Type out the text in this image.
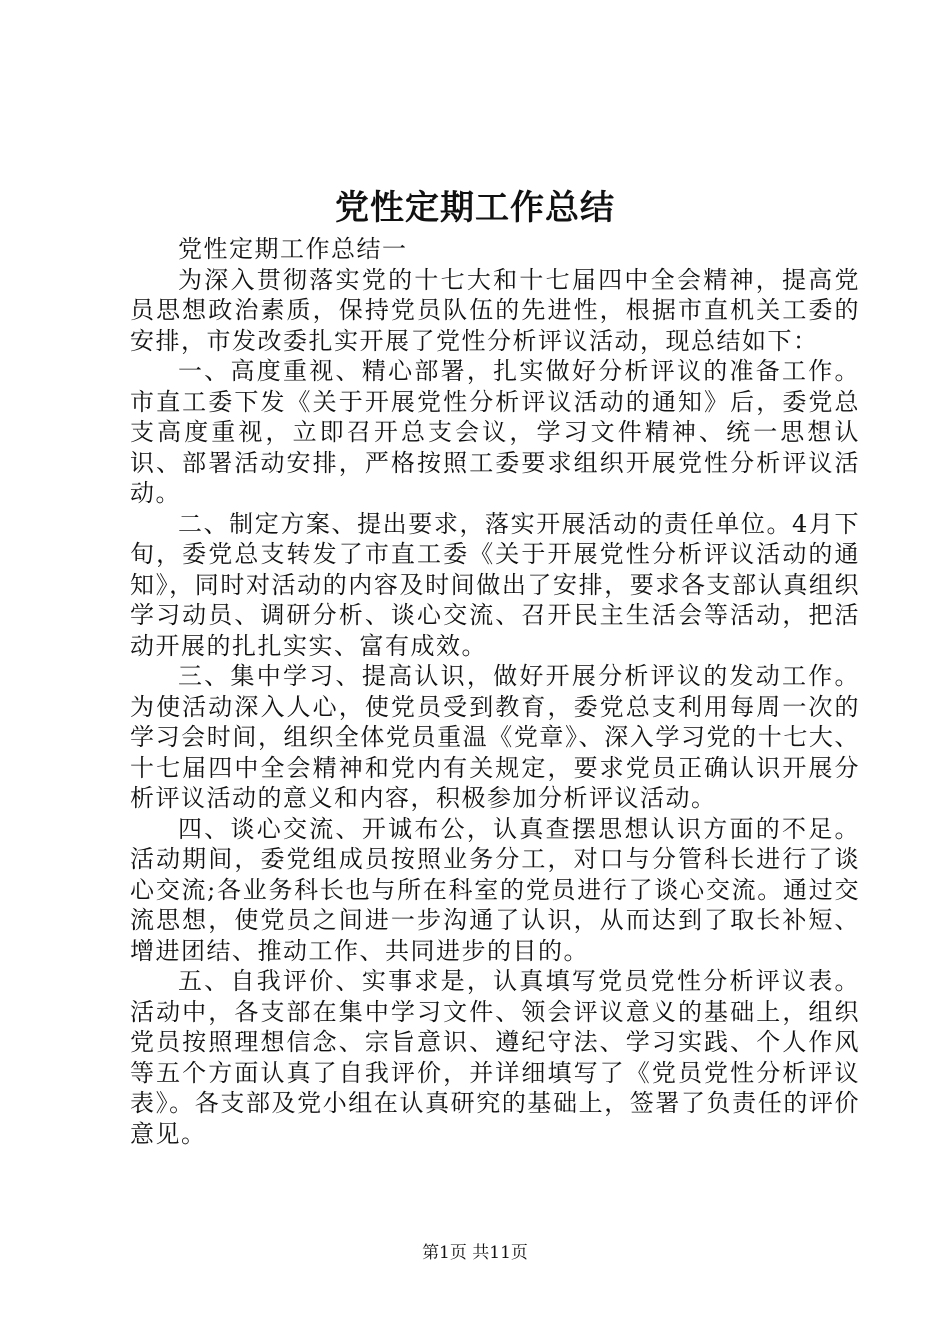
党性定期工作总结

党性定期工作总结一

为深入贯彻落实党的十七大和十七届四中全会精神，提高党员思想政治素质，保持党员队伍的先进性，根据市直机关工委的安排，市发改委扎实开展了党性分析评议活动，现总结如下：

一、高度重视、精心部署，扎实做好分析评议的准备工作。市直工委下发《关于开展党性分析评议活动的通知》后，委党总支高度重视，立即召开总支会议，学习文件精神、统一思想认识、部署活动安排，严格按照工委要求组织开展党性分析评议活动。

二、制定方案、提出要求，落实开展活动的责任单位。4月下旬，委党总支转发了市直工委《关于开展党性分析评议活动的通知》，同时对活动的内容及时间做出了安排，要求各支部认真组织学习动员、调研分析、谈心交流、召开民主生活会等活动，把活动开展的扎扎实实、富有成效。

三、集中学习、提高认识，做好开展分析评议的发动工作。为使活动深入人心，使党员受到教育，委党总支利用每周一次的学习会时间，组织全体党员重温《党章》、深入学习党的十七大、十七届四中全会精神和党内有关规定，要求党员正确认识开展分析评议活动的意义和内容，积极参加分析评议活动。

四、谈心交流、开诚布公，认真查摆思想认识方面的不足。活动期间，委党组成员按照业务分工，对口与分管科长进行了谈心交流;各业务科长也与所在科室的党员进行了谈心交流。通过交流思想，使党员之间进一步沟通了认识，从而达到了取长补短、增进团结、推动工作、共同进步的目的。

五、自我评价、实事求是，认真填写党员党性分析评议表。活动中，各支部在集中学习文件、领会评议意义的基础上，组织党员按照理想信念、宗旨意识、遵纪守法、学习实践、个人作风等五个方面认真了自我评价，并详细填写了《党员党性分析评议表》。各支部及党小组在认真研究的基础上，签署了负责任的评价意见。

第1页 共11页
